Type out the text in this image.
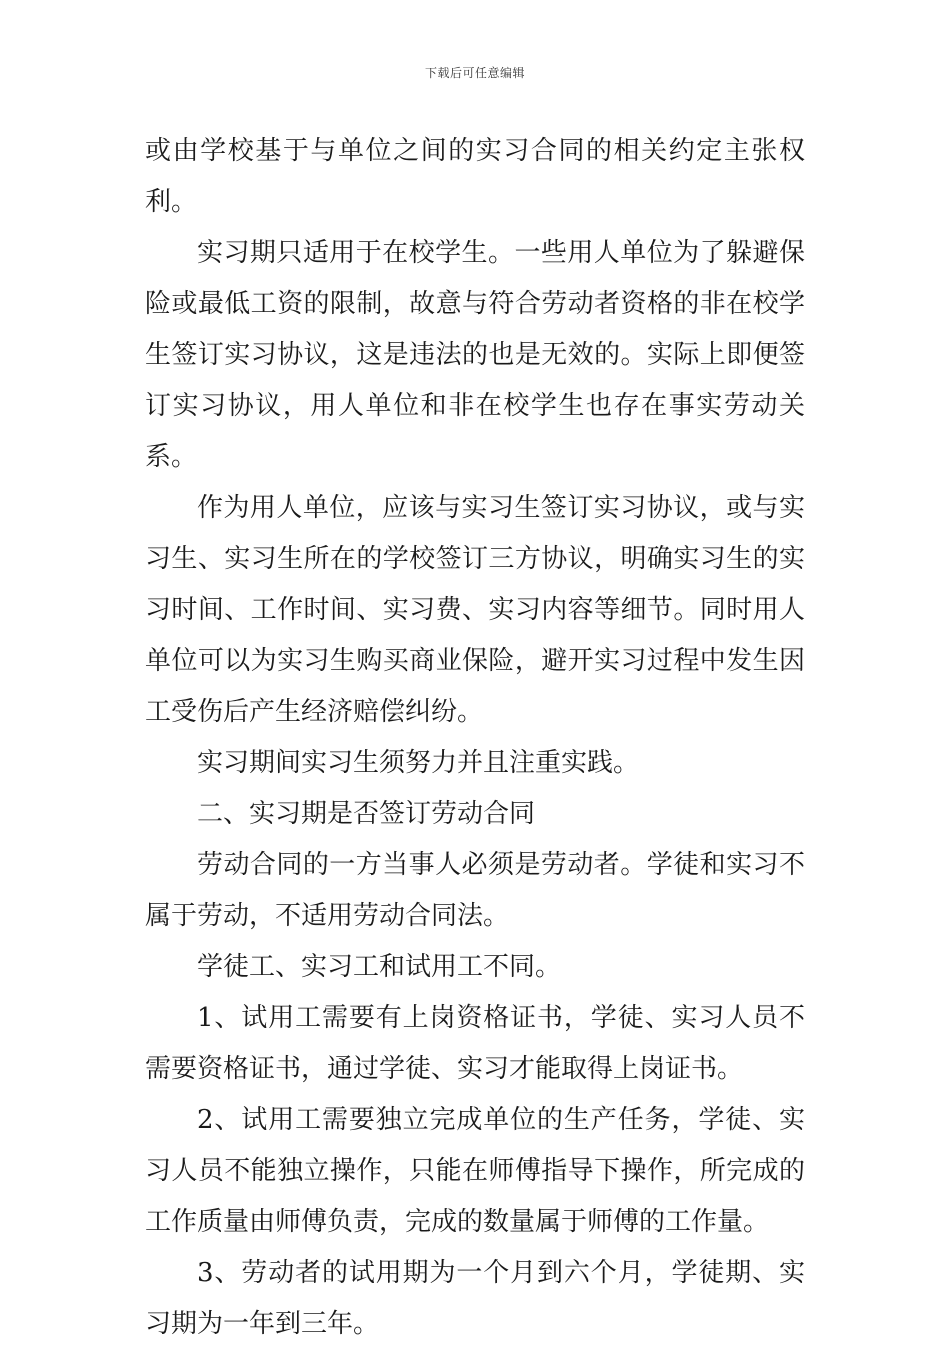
下载后可任意编辑

或由学校基于与单位之间的实习合同的相关约定主张权利。

实习期只适用于在校学生。一些用人单位为了躲避保险或最低工资的限制，故意与符合劳动者资格的非在校学生签订实习协议，这是违法的也是无效的。实际上即便签订实习协议，用人单位和非在校学生也存在事实劳动关系。

作为用人单位，应该与实习生签订实习协议，或与实习生、实习生所在的学校签订三方协议，明确实习生的实习时间、工作时间、实习费、实习内容等细节。同时用人单位可以为实习生购买商业保险，避开实习过程中发生因工受伤后产生经济赔偿纠纷。

实习期间实习生须努力并且注重实践。

二、实习期是否签订劳动合同

劳动合同的一方当事人必须是劳动者。学徒和实习不属于劳动，不适用劳动合同法。

学徒工、实习工和试用工不同。

1、试用工需要有上岗资格证书，学徒、实习人员不需要资格证书，通过学徒、实习才能取得上岗证书。

2、试用工需要独立完成单位的生产任务，学徒、实习人员不能独立操作，只能在师傅指导下操作，所完成的工作质量由师傅负责，完成的数量属于师傅的工作量。

3、劳动者的试用期为一个月到六个月，学徒期、实习期为一年到三年。
